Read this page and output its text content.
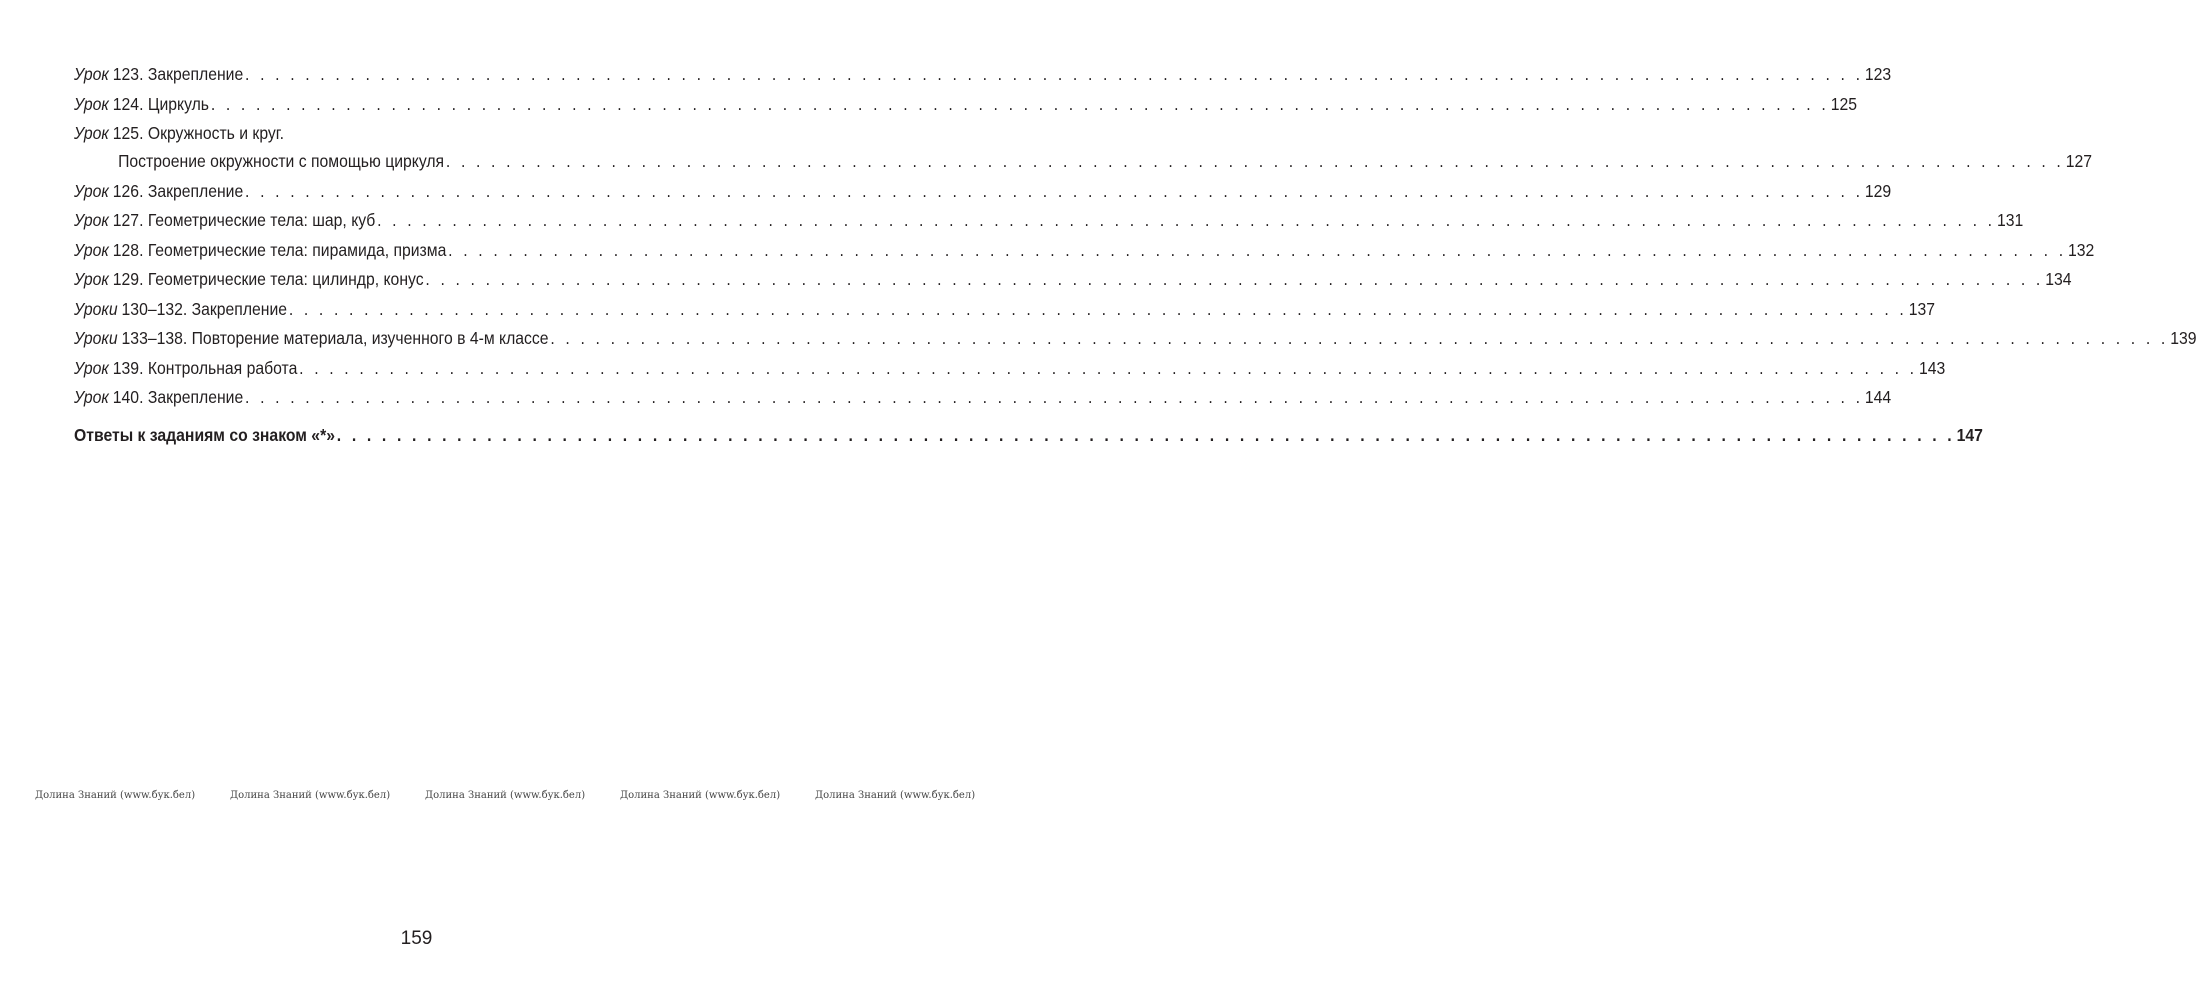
Урок 123. Закрепление . . .	123
Урок 124. Циркуль . . .	125
Урок 125. Окружность и круг.
Построение окружности с помощью циркуля . . .	127
Урок 126. Закрепление . . .	129
Урок 127. Геометрические тела: шар, куб . . .	131
Урок 128. Геометрические тела: пирамида, призма . . .	132
Урок 129. Геометрические тела: цилиндр, конус . . .	134
Уроки 130–132. Закрепление . . .	137
Уроки 133–138. Повторение материала, изученного в 4-м классе . . .	139
Урок 139. Контрольная работа . . .	143
Урок 140. Закрепление . . .	144
Ответы к заданиям со знаком «*» . . .	147
Долина Знаний (www.бук.бел)	Долина Знаний (www.бук.бел)	Долина Знаний (www.бук.бел)	Долина Знаний (www.бук.бел)	Долина Знаний (www.бук.бел)
159
